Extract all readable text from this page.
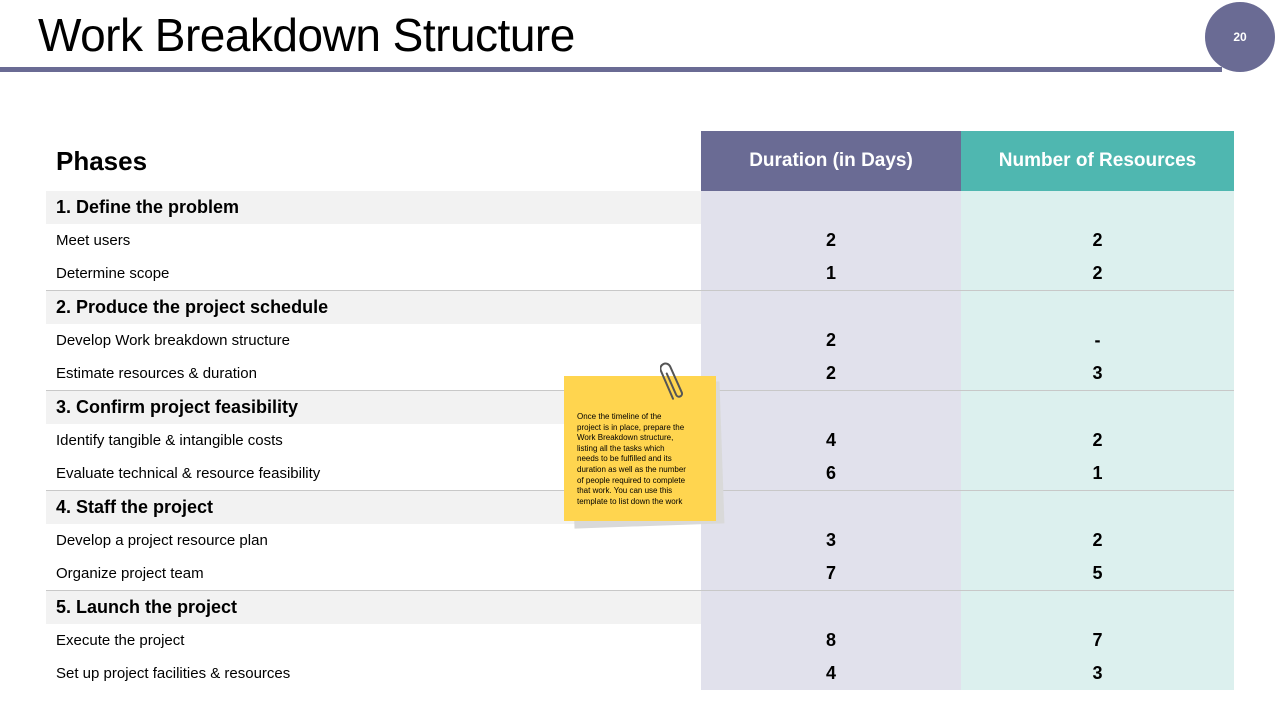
Work Breakdown Structure	20
Phases	Duration (in Days)	Number of Resources
1. Define the problem		
Meet users	2	2
Determine scope	1	2
2. Produce the project schedule		
Develop Work breakdown structure	2	-
Estimate resources & duration	2	3
3. Confirm project feasibility		
Identify tangible & intangible costs	4	2
Evaluate technical & resource feasibility	6	1
4. Staff the project		
Develop a project resource plan	3	2
Organize project team	7	5
5. Launch the project		
Execute the project	8	7
Set up project facilities & resources	4	3
Once the timeline of the
project is in place, prepare the
Work Breakdown structure,
listing all the tasks which
needs to be fulfilled and its
duration as well as the number
of people required to complete
that work. You can use this
template to list down the work
